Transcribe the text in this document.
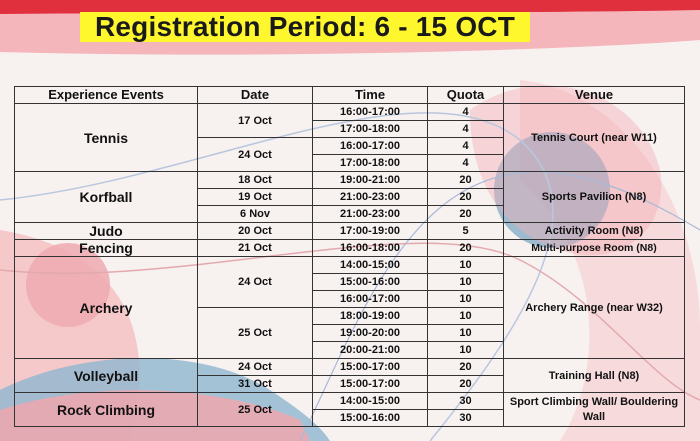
Registration Period: 6 - 15 OCT
Experience Events	Date	Time	Quota	Venue
Tennis	17 Oct	16:00-17:00	4	Tennis Court (near W11)
		17:00-18:00	4	
	24 Oct	16:00-17:00	4	
		17:00-18:00	4	
Korfball	18 Oct	19:00-21:00	20	Sports Pavilion (N8)
	19 Oct	21:00-23:00	20	
	6 Nov	21:00-23:00	20	
Judo	20 Oct	17:00-19:00	5	Activity Room (N8)
Fencing	21 Oct	16:00-18:00	20	Multi-purpose Room (N8)
Archery	24 Oct	14:00-15:00	10	Archery Range (near W32)
		15:00-16:00	10	
		16:00-17:00	10	
	25 Oct	18:00-19:00	10	
		19:00-20:00	10	
		20:00-21:00	10	
Volleyball	24 Oct	15:00-17:00	20	Training Hall (N8)
	31 Oct	15:00-17:00	20	
Rock Climbing	25 Oct	14:00-15:00	30	Sport Climbing Wall/ Bouldering Wall
		15:00-16:00	30	
